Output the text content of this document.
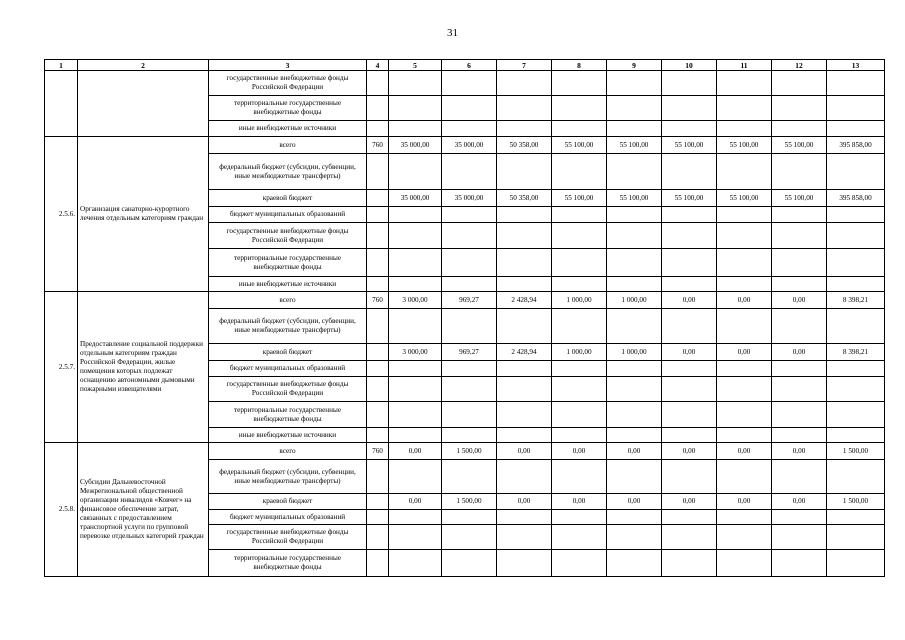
31
1	2	3	4	5	6	7	8	9	10	11	12	13
		государственные внебюджетные фонды Российской Федерации										
		территориальные государственные внебюджетные фонды										
		иные внебюджетные источники										
2.5.6.	Организация санаторно-курортного лечения отдельным категориям граждан	всего	760	35 000,00	35 000,00	50 358,00	55 100,00	55 100,00	55 100,00	55 100,00	55 100,00	395 858,00
		федеральный бюджет (субсидии, субвенции, иные межбюджетные трансферты)										
		краевой бюджет		35 000,00	35 000,00	50 358,00	55 100,00	55 100,00	55 100,00	55 100,00	55 100,00	395 858,00
		бюджет муниципальных образований										
		государственные внебюджетные фонды Российской Федерации										
		территориальные государственные внебюджетные фонды										
		иные внебюджетные источники										
2.5.7.	Предоставление социальной поддержки отдельным категориям граждан Российской Федерации, жилые помещения которых подлежат оснащению автономными дымовыми пожарными извещателями	всего	760	3 000,00	969,27	2 428,94	1 000,00	1 000,00	0,00	0,00	0,00	8 398,21
		федеральный бюджет (субсидии, субвенции, иные межбюджетные трансферты)										
		краевой бюджет		3 000,00	969,27	2 428,94	1 000,00	1 000,00	0,00	0,00	0,00	8 398,21
		бюджет муниципальных образований										
		государственные внебюджетные фонды Российской Федерации										
		территориальные государственные внебюджетные фонды										
		иные внебюджетные источники										
2.5.8.	Субсидии Дальневосточной Межрегиональной общественной организации инвалидов «Ковчег» на финансовое обеспечение затрат, связанных с предоставлением транспортной услуги по групповой перевозке отдельных категорий граждан	всего	760	0,00	1 500,00	0,00	0,00	0,00	0,00	0,00	0,00	1 500,00
		федеральный бюджет (субсидии, субвенции, иные межбюджетные трансферты)										
		краевой бюджет		0,00	1 500,00	0,00	0,00	0,00	0,00	0,00	0,00	1 500,00
		бюджет муниципальных образований										
		государственные внебюджетные фонды Российской Федерации										
		территориальные государственные внебюджетные фонды										
